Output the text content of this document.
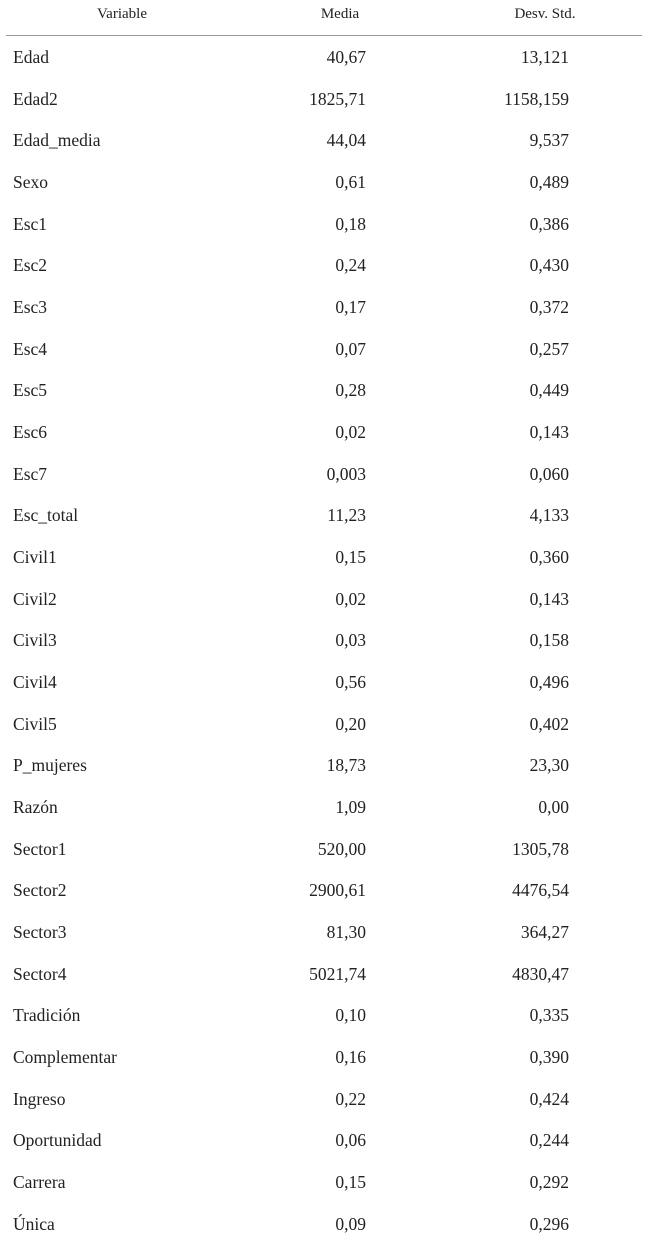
Variable	Media	Desv. Std.
Edad	40,67	13,121
Edad2	1825,71	1158,159
Edad_media	44,04	9,537
Sexo	0,61	0,489
Esc1	0,18	0,386
Esc2	0,24	0,430
Esc3	0,17	0,372
Esc4	0,07	0,257
Esc5	0,28	0,449
Esc6	0,02	0,143
Esc7	0,003	0,060
Esc_total	11,23	4,133
Civil1	0,15	0,360
Civil2	0,02	0,143
Civil3	0,03	0,158
Civil4	0,56	0,496
Civil5	0,20	0,402
P_mujeres	18,73	23,30
Razón	1,09	0,00
Sector1	520,00	1305,78
Sector2	2900,61	4476,54
Sector3	81,30	364,27
Sector4	5021,74	4830,47
Tradición	0,10	0,335
Complementar	0,16	0,390
Ingreso	0,22	0,424
Oportunidad	0,06	0,244
Carrera	0,15	0,292
Única	0,09	0,296
